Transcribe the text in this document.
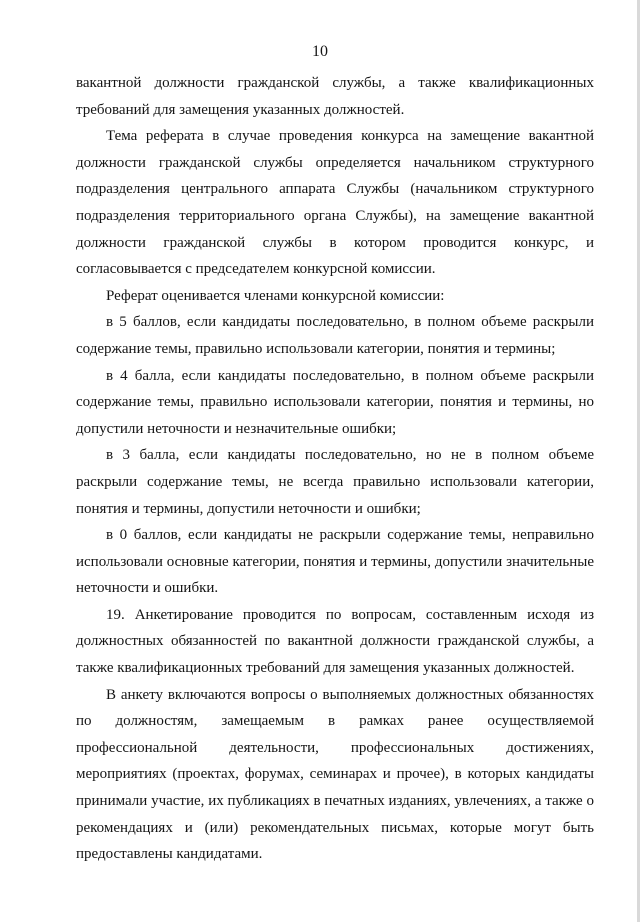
10

вакантной должности гражданской службы, а также квалификационных требований для замещения указанных должностей.

Тема реферата в случае проведения конкурса на замещение вакантной должности гражданской службы определяется начальником структурного подразделения центрального аппарата Службы (начальником структурного подразделения территориального органа Службы), на замещение вакантной должности гражданской службы в котором проводится конкурс, и согласовывается с председателем конкурсной комиссии.

Реферат оценивается членами конкурсной комиссии:

в 5 баллов, если кандидаты последовательно, в полном объеме раскрыли содержание темы, правильно использовали категории, понятия и термины;

в 4 балла, если кандидаты последовательно, в полном объеме раскрыли содержание темы, правильно использовали категории, понятия и термины, но допустили неточности и незначительные ошибки;

в 3 балла, если кандидаты последовательно, но не в полном объеме раскрыли содержание темы, не всегда правильно использовали категории, понятия и термины, допустили неточности и ошибки;

в 0 баллов, если кандидаты не раскрыли содержание темы, неправильно использовали основные категории, понятия и термины, допустили значительные неточности и ошибки.

19. Анкетирование проводится по вопросам, составленным исходя из должностных обязанностей по вакантной должности гражданской службы, а также квалификационных требований для замещения указанных должностей.

В анкету включаются вопросы о выполняемых должностных обязанностях по должностям, замещаемым в рамках ранее осуществляемой профессиональной деятельности, профессиональных достижениях, мероприятиях (проектах, форумах, семинарах и прочее), в которых кандидаты принимали участие, их публикациях в печатных изданиях, увлечениях, а также о рекомендациях и (или) рекомендательных письмах, которые могут быть предоставлены кандидатами.
